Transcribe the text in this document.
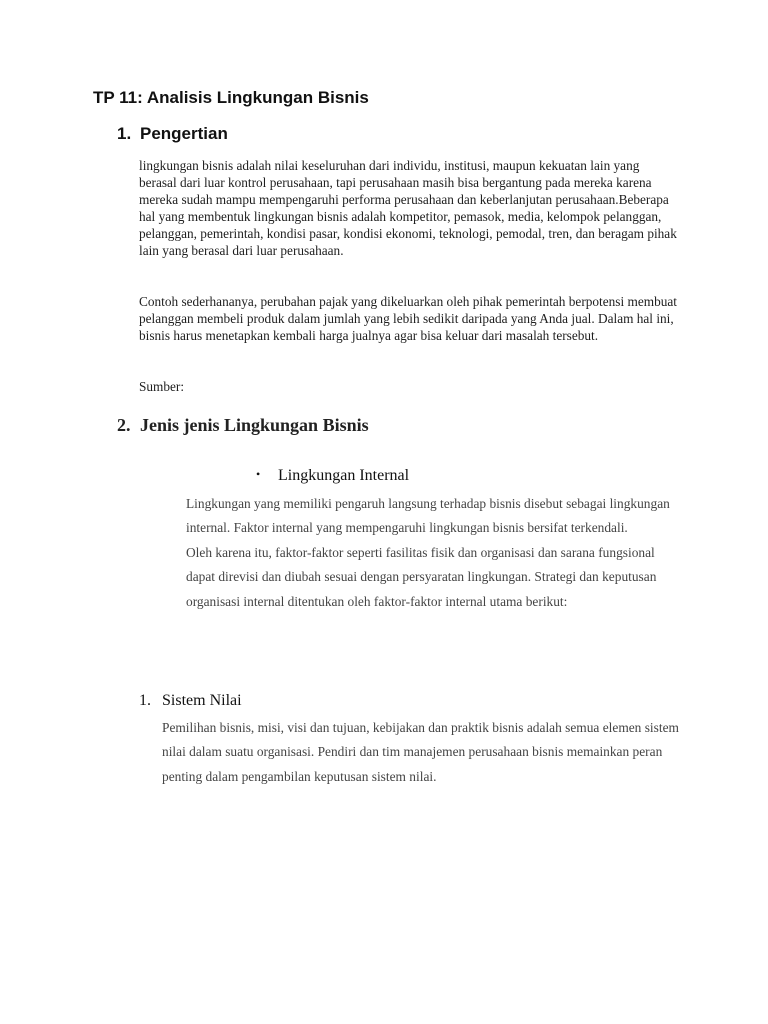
TP 11: Analisis Lingkungan Bisnis
1. Pengertian

lingkungan bisnis adalah nilai keseluruhan dari individu, institusi, maupun kekuatan lain yang berasal dari luar kontrol perusahaan, tapi perusahaan masih bisa bergantung pada mereka karena mereka sudah mampu mempengaruhi performa perusahaan dan keberlanjutan perusahaan.Beberapa hal yang membentuk lingkungan bisnis adalah kompetitor, pemasok, media, kelompok pelanggan, pelanggan, pemerintah, kondisi pasar, kondisi ekonomi, teknologi, pemodal, tren, dan beragam pihak lain yang berasal dari luar perusahaan.

Contoh sederhananya, perubahan pajak yang dikeluarkan oleh pihak pemerintah berpotensi membuat pelanggan membeli produk dalam jumlah yang lebih sedikit daripada yang Anda jual. Dalam hal ini, bisnis harus menetapkan kembali harga jualnya agar bisa keluar dari masalah tersebut.

Sumber:
2. Jenis jenis Lingkungan Bisnis
• Lingkungan Internal

Lingkungan yang memiliki pengaruh langsung terhadap bisnis disebut sebagai lingkungan internal. Faktor internal yang mempengaruhi lingkungan bisnis bersifat terkendali.

Oleh karena itu, faktor-faktor seperti fasilitas fisik dan organisasi dan sarana fungsional dapat direvisi dan diubah sesuai dengan persyaratan lingkungan. Strategi dan keputusan organisasi internal ditentukan oleh faktor-faktor internal utama berikut:

1. Sistem Nilai
Pemilihan bisnis, misi, visi dan tujuan, kebijakan dan praktik bisnis adalah semua elemen sistem nilai dalam suatu organisasi. Pendiri dan tim manajemen perusahaan bisnis memainkan peran penting dalam pengambilan keputusan sistem nilai.
